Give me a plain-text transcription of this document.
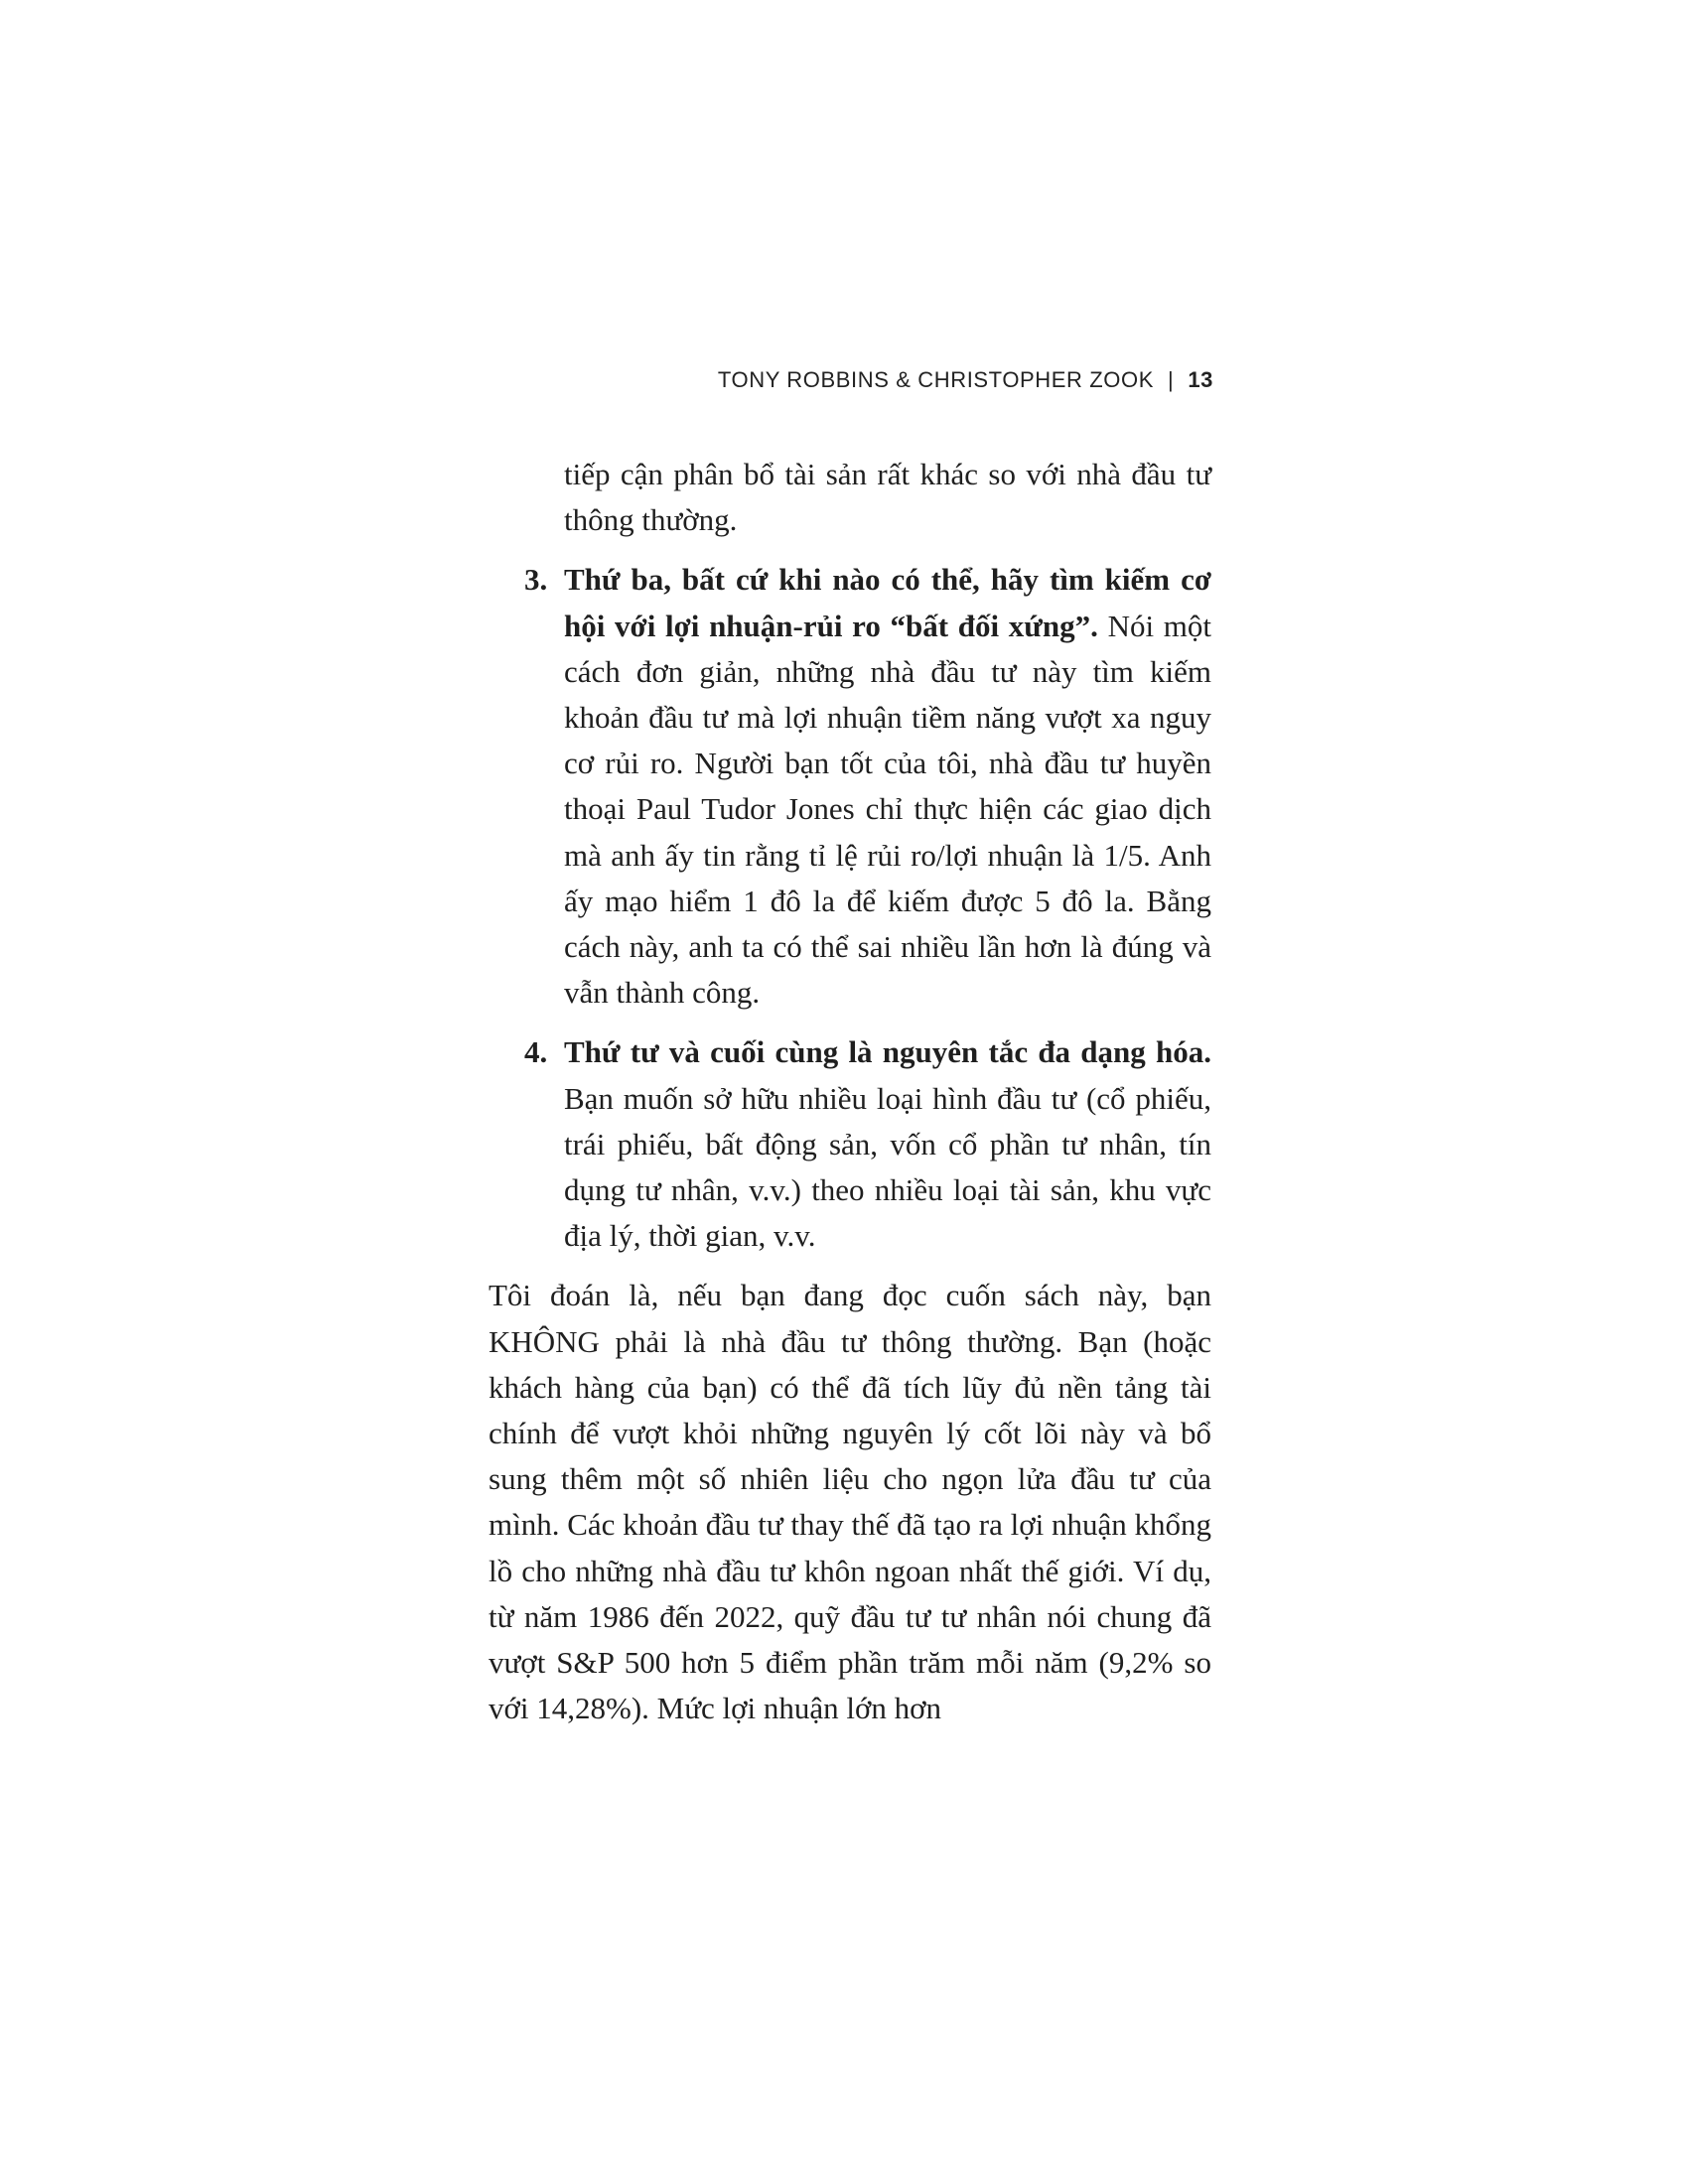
TONY ROBBINS & CHRISTOPHER ZOOK | 13

tiếp cận phân bổ tài sản rất khác so với nhà đầu tư thông thường.

3. Thứ ba, bất cứ khi nào có thể, hãy tìm kiếm cơ hội với lợi nhuận-rủi ro “bất đối xứng”. Nói một cách đơn giản, những nhà đầu tư này tìm kiếm khoản đầu tư mà lợi nhuận tiềm năng vượt xa nguy cơ rủi ro. Người bạn tốt của tôi, nhà đầu tư huyền thoại Paul Tudor Jones chỉ thực hiện các giao dịch mà anh ấy tin rằng tỉ lệ rủi ro/lợi nhuận là 1/5. Anh ấy mạo hiểm 1 đô la để kiếm được 5 đô la. Bằng cách này, anh ta có thể sai nhiều lần hơn là đúng và vẫn thành công.
4. Thứ tư và cuối cùng là nguyên tắc đa dạng hóa. Bạn muốn sở hữu nhiều loại hình đầu tư (cổ phiếu, trái phiếu, bất động sản, vốn cổ phần tư nhân, tín dụng tư nhân, v.v.) theo nhiều loại tài sản, khu vực địa lý, thời gian, v.v.

Tôi đoán là, nếu bạn đang đọc cuốn sách này, bạn KHÔNG phải là nhà đầu tư thông thường. Bạn (hoặc khách hàng của bạn) có thể đã tích lũy đủ nền tảng tài chính để vượt khỏi những nguyên lý cốt lõi này và bổ sung thêm một số nhiên liệu cho ngọn lửa đầu tư của mình. Các khoản đầu tư thay thế đã tạo ra lợi nhuận khổng lồ cho những nhà đầu tư khôn ngoan nhất thế giới. Ví dụ, từ năm 1986 đến 2022, quỹ đầu tư tư nhân nói chung đã vượt S&P 500 hơn 5 điểm phần trăm mỗi năm (9,2% so với 14,28%). Mức lợi nhuận lớn hơn
